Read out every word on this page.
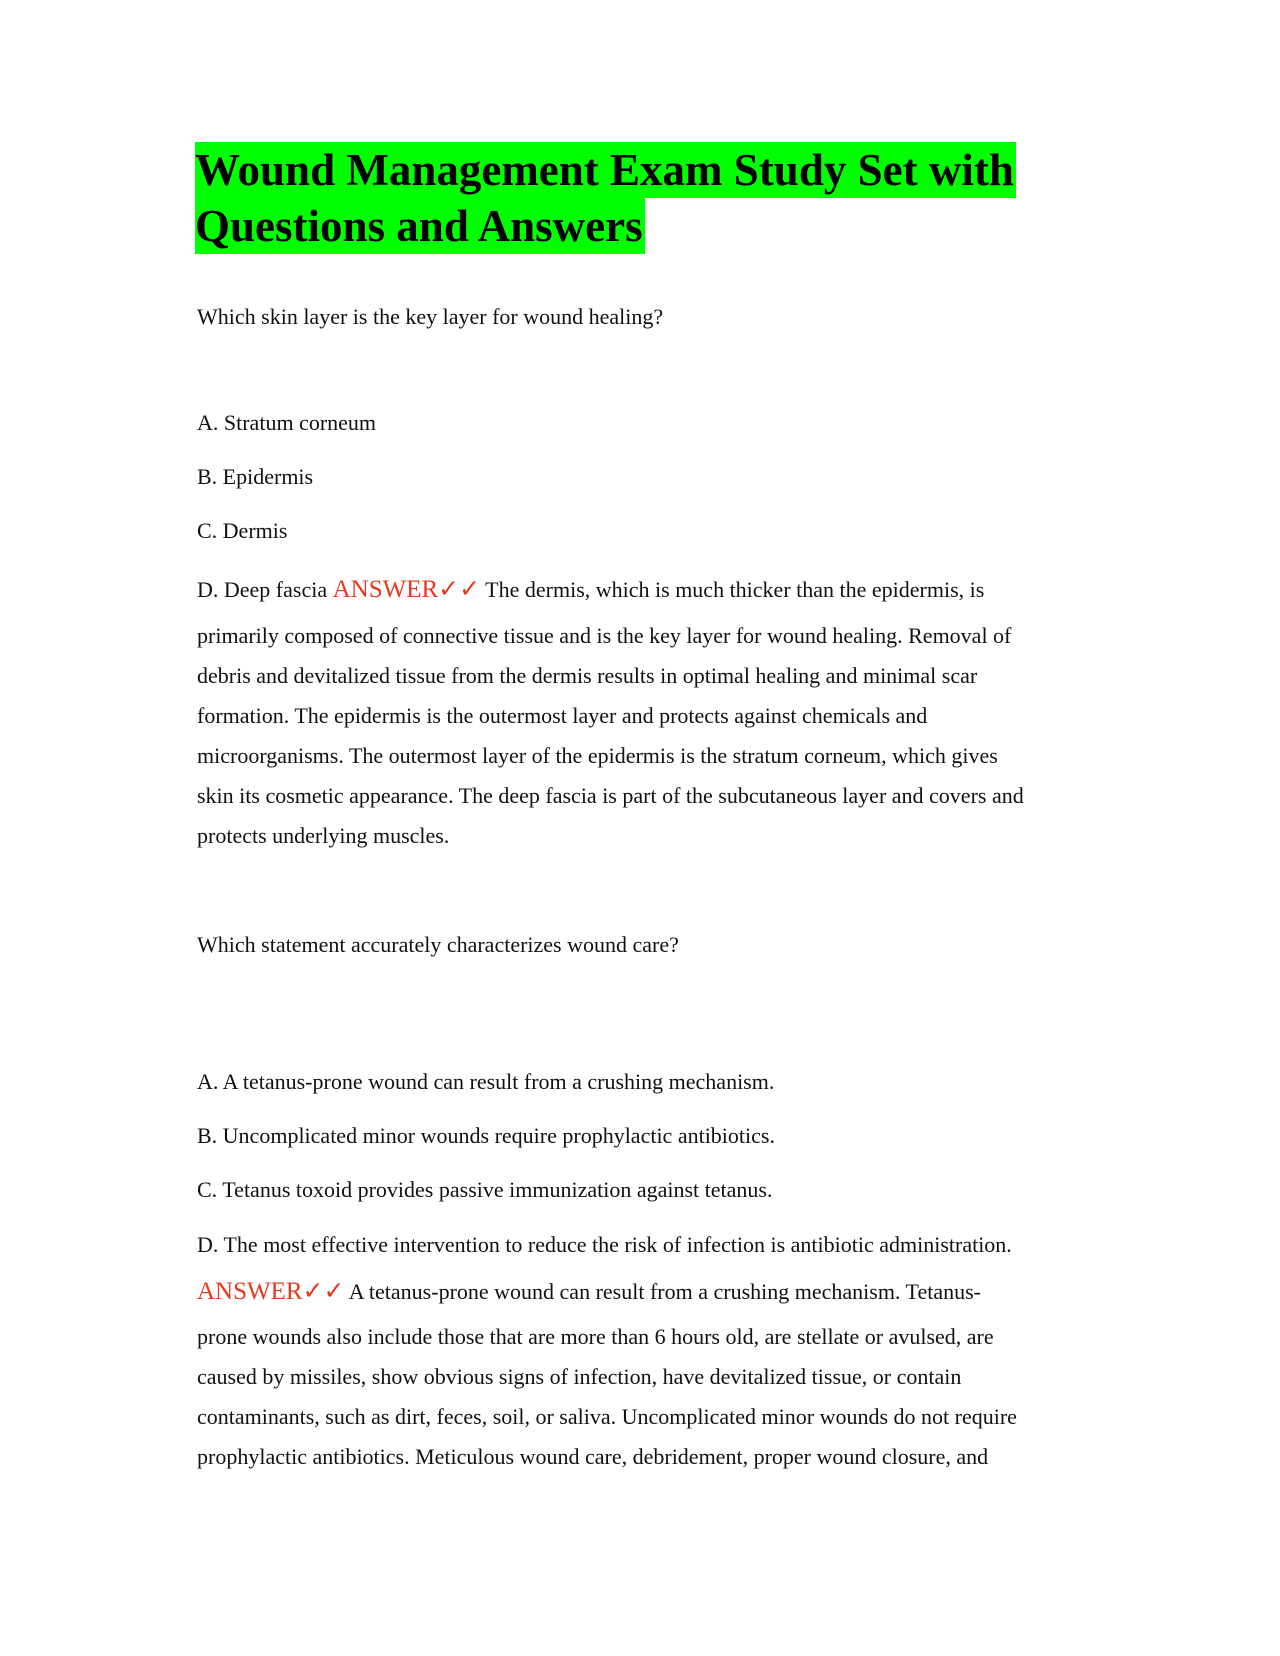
Wound Management Exam Study Set with
Questions and Answers
Which skin layer is the key layer for wound healing?
A. Stratum corneum
B. Epidermis
C. Dermis
D. Deep fascia ANSWER✓✓ The dermis, which is much thicker than the epidermis, is
primarily composed of connective tissue and is the key layer for wound healing. Removal of
debris and devitalized tissue from the dermis results in optimal healing and minimal scar
formation. The epidermis is the outermost layer and protects against chemicals and
microorganisms. The outermost layer of the epidermis is the stratum corneum, which gives
skin its cosmetic appearance. The deep fascia is part of the subcutaneous layer and covers and
protects underlying muscles.
Which statement accurately characterizes wound care?
A. A tetanus-prone wound can result from a crushing mechanism.
B. Uncomplicated minor wounds require prophylactic antibiotics.
C. Tetanus toxoid provides passive immunization against tetanus.
D. The most effective intervention to reduce the risk of infection is antibiotic administration.
ANSWER✓✓ A tetanus-prone wound can result from a crushing mechanism. Tetanus-
prone wounds also include those that are more than 6 hours old, are stellate or avulsed, are
caused by missiles, show obvious signs of infection, have devitalized tissue, or contain
contaminants, such as dirt, feces, soil, or saliva. Uncomplicated minor wounds do not require
prophylactic antibiotics. Meticulous wound care, debridement, proper wound closure, and
